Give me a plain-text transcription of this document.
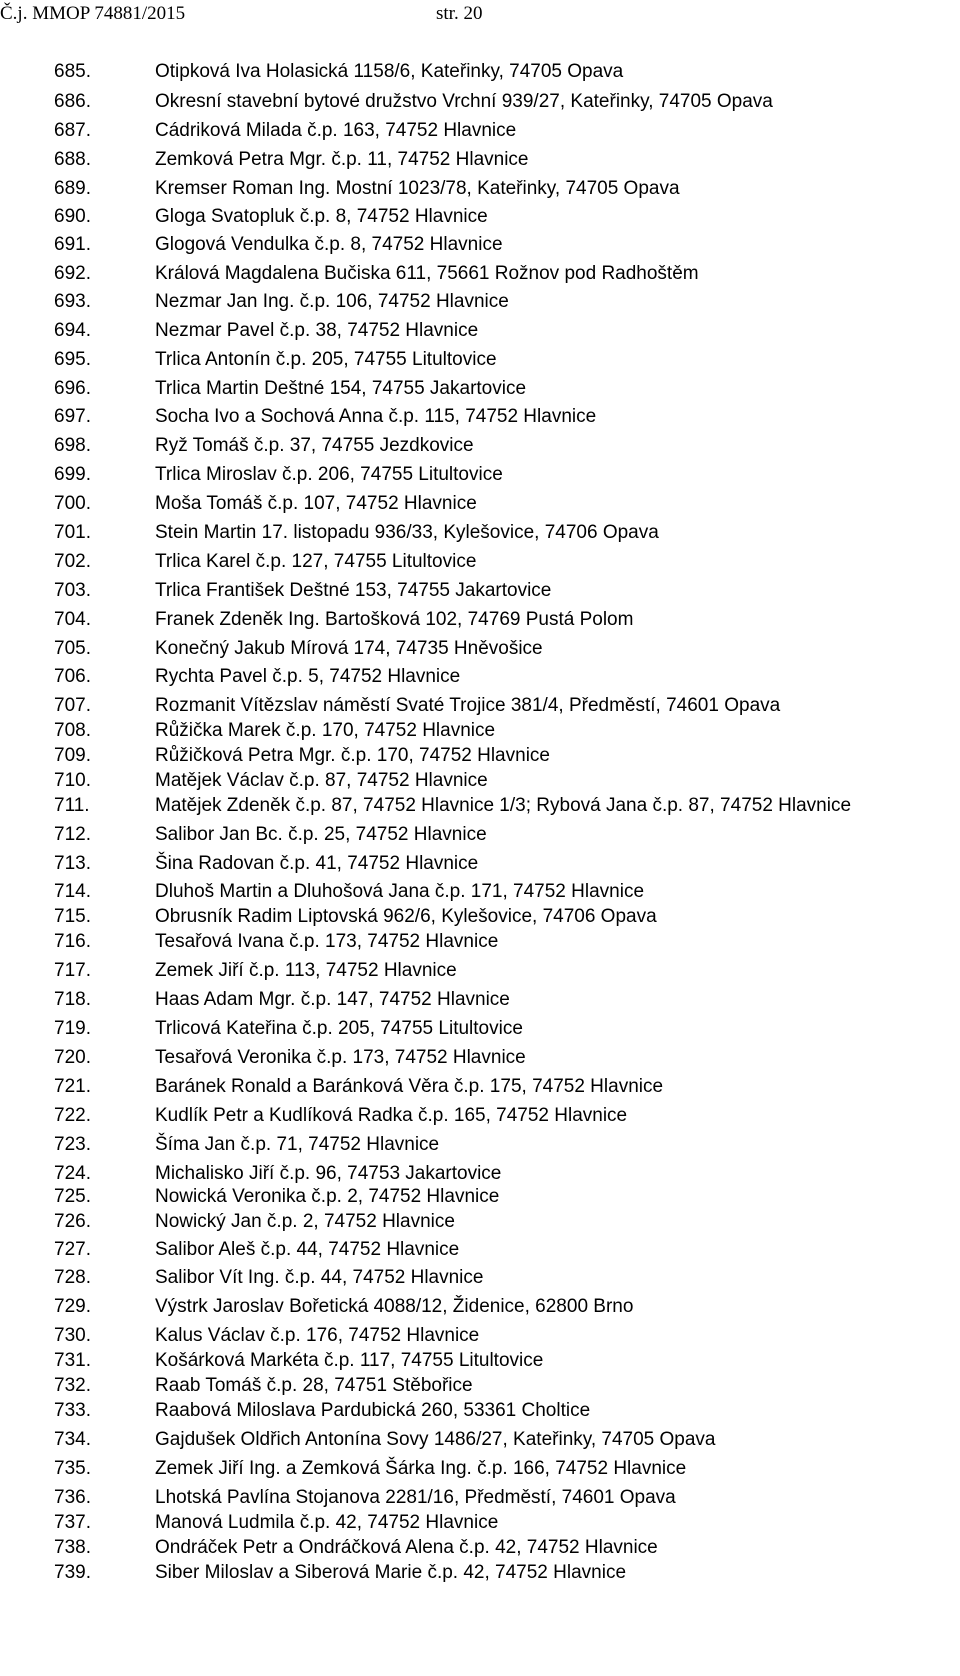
Č.j. MMOP 74881/2015	str. 20
685.	Otipková Iva Holasická 1158/6, Kateřinky, 74705 Opava
686.	Okresní stavební bytové družstvo Vrchní 939/27, Kateřinky, 74705 Opava
687.	Cádriková Milada č.p. 163, 74752 Hlavnice
688.	Zemková Petra Mgr. č.p. 11, 74752 Hlavnice
689.	Kremser Roman Ing. Mostní 1023/78, Kateřinky, 74705 Opava
690.	Gloga Svatopluk č.p. 8, 74752 Hlavnice
691.	Glogová Vendulka č.p. 8, 74752 Hlavnice
692.	Králová Magdalena Bučiska 611, 75661 Rožnov pod Radhoštěm
693.	Nezmar Jan Ing. č.p. 106, 74752 Hlavnice
694.	Nezmar Pavel č.p. 38, 74752 Hlavnice
695.	Trlica Antonín č.p. 205, 74755 Litultovice
696.	Trlica Martin Deštné 154, 74755 Jakartovice
697.	Socha Ivo a Sochová Anna č.p. 115, 74752 Hlavnice
698.	Ryž Tomáš č.p. 37, 74755 Jezdkovice
699.	Trlica Miroslav č.p. 206, 74755 Litultovice
700.	Moša Tomáš č.p. 107, 74752 Hlavnice
701.	Stein Martin 17. listopadu 936/33, Kylešovice, 74706 Opava
702.	Trlica Karel č.p. 127, 74755 Litultovice
703.	Trlica František Deštné 153, 74755 Jakartovice
704.	Franek Zdeněk Ing. Bartošková 102, 74769 Pustá Polom
705.	Konečný Jakub Mírová 174, 74735 Hněvošice
706.	Rychta Pavel č.p. 5, 74752 Hlavnice
707.	Rozmanit Vítězslav náměstí Svaté Trojice 381/4, Předměstí, 74601 Opava
708.	Růžička Marek č.p. 170, 74752 Hlavnice
709.	Růžičková Petra Mgr. č.p. 170, 74752 Hlavnice
710.	Matějek Václav č.p. 87, 74752 Hlavnice
711.	Matějek Zdeněk č.p. 87, 74752 Hlavnice 1/3; Rybová Jana č.p. 87, 74752 Hlavnice
712.	Salibor Jan Bc. č.p. 25, 74752 Hlavnice
713.	Šina Radovan č.p. 41, 74752 Hlavnice
714.	Dluhoš Martin a Dluhošová Jana č.p. 171, 74752 Hlavnice
715.	Obrusník Radim Liptovská 962/6, Kylešovice, 74706 Opava
716.	Tesařová Ivana č.p. 173, 74752 Hlavnice
717.	Zemek Jiří č.p. 113, 74752 Hlavnice
718.	Haas Adam Mgr. č.p. 147, 74752 Hlavnice
719.	Trlicová Kateřina č.p. 205, 74755 Litultovice
720.	Tesařová Veronika č.p. 173, 74752 Hlavnice
721.	Baránek Ronald a Baránková Věra č.p. 175, 74752 Hlavnice
722.	Kudlík Petr a Kudlíková Radka č.p. 165, 74752 Hlavnice
723.	Šíma Jan č.p. 71, 74752 Hlavnice
724.	Michalisko Jiří č.p. 96, 74753 Jakartovice
725.	Nowická Veronika č.p. 2, 74752 Hlavnice
726.	Nowický Jan č.p. 2, 74752 Hlavnice
727.	Salibor Aleš č.p. 44, 74752 Hlavnice
728.	Salibor Vít Ing. č.p. 44, 74752 Hlavnice
729.	Výstrk Jaroslav Bořetická 4088/12, Židenice, 62800 Brno
730.	Kalus Václav č.p. 176, 74752 Hlavnice
731.	Košárková Markéta č.p. 117, 74755 Litultovice
732.	Raab Tomáš č.p. 28, 74751 Stěbořice
733.	Raabová Miloslava Pardubická 260, 53361 Choltice
734.	Gajdušek Oldřich Antonína Sovy 1486/27, Kateřinky, 74705 Opava
735.	Zemek Jiří Ing. a Zemková Šárka Ing. č.p. 166, 74752 Hlavnice
736.	Lhotská Pavlína Stojanova 2281/16, Předměstí, 74601 Opava
737.	Manová Ludmila č.p. 42, 74752 Hlavnice
738.	Ondráček Petr a Ondráčková Alena č.p. 42, 74752 Hlavnice
739.	Siber Miloslav a Siberová Marie č.p. 42, 74752 Hlavnice
